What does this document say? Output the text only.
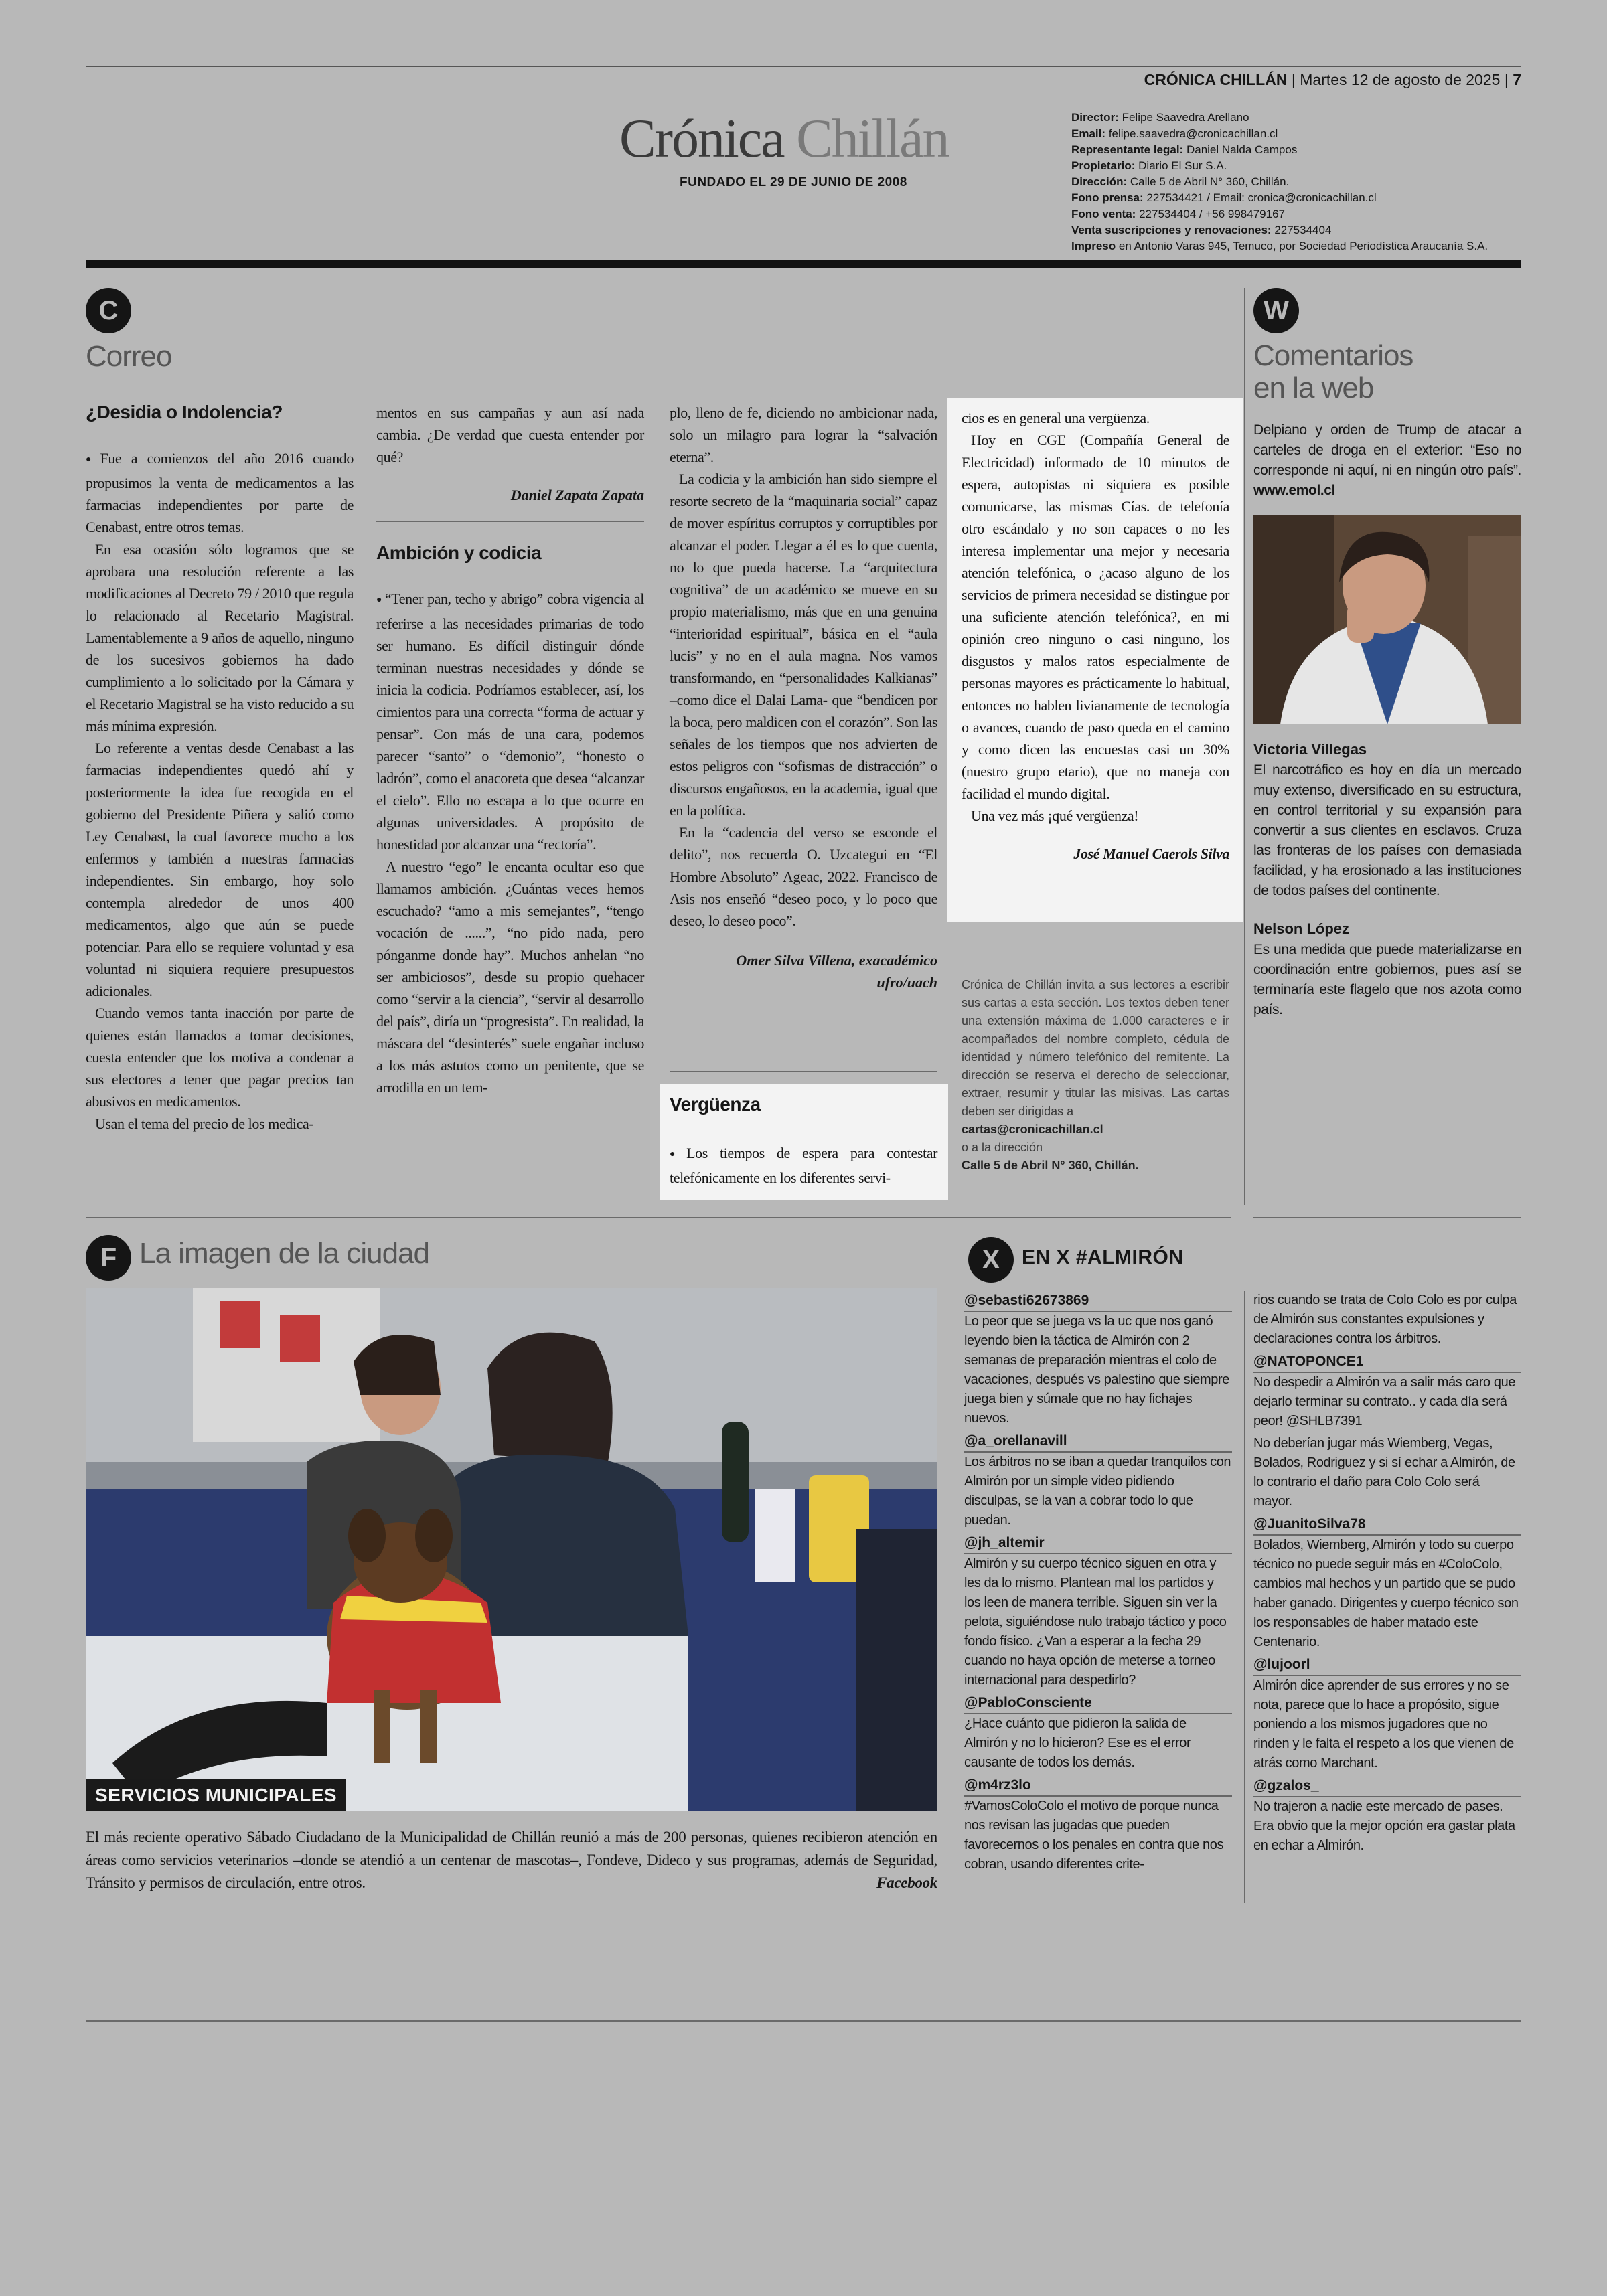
CRÓNICA CHILLÁN | Martes 12 de agosto de 2025 | 7
Crónica Chillán
FUNDADO EL 29 DE JUNIO DE 2008
Director: Felipe Saavedra Arellano
Email: felipe.saavedra@cronicachillan.cl
Representante legal: Daniel Nalda Campos
Propietario: Diario El Sur S.A.
Dirección: Calle 5 de Abril N° 360, Chillán.
Fono prensa: 227534421 / Email: cronica@cronicachillan.cl
Fono venta: 227534404 / +56 998479167
Venta suscripciones y renovaciones: 227534404
Impreso en Antonio Varas 945, Temuco, por Sociedad Periodística Araucanía S.A.
C
Correo
¿Desidia o Indolencia?

● Fue a comienzos del año 2016 cuando propusimos la venta de medicamentos a las farmacias independientes por parte de Cenabast, entre otros temas.

En esa ocasión sólo logramos que se aprobara una resolución referente a las modificaciones al Decreto 79 / 2010 que regula lo relacionado al Recetario Magistral. Lamentablemente a 9 años de aquello, ninguno de los sucesivos gobiernos ha dado cumplimiento a lo solicitado por la Cámara y el Recetario Magistral se ha visto reducido a su más mínima expresión.

Lo referente a ventas desde Cenabast a las farmacias independientes quedó ahí y posteriormente la idea fue recogida en el gobierno del Presidente Piñera y salió como Ley Cenabast, la cual favorece mucho a los enfermos y también a nuestras farmacias independientes. Sin embargo, hoy solo contempla alrededor de unos 400 medicamentos, algo que aún se puede potenciar. Para ello se requiere voluntad y esa voluntad ni siquiera requiere presupuestos adicionales.

Cuando vemos tanta inacción por parte de quienes están llamados a tomar decisiones, cuesta entender que los motiva a condenar a sus electores a tener que pagar precios tan abusivos en medicamentos.

Usan el tema del precio de los medica-

mentos en sus campañas y aun así nada cambia. ¿De verdad que cuesta entender por qué?

Daniel Zapata Zapata
Ambición y codicia

● “Tener pan, techo y abrigo” cobra vigencia al referirse a las necesidades primarias de todo ser humano. Es difícil distinguir dónde terminan nuestras necesidades y dónde se inicia la codicia. Podríamos establecer, así, los cimientos para una correcta “forma de actuar y pensar”. Con más de una cara, podemos parecer “santo” o “demonio”, “honesto o ladrón”, como el anacoreta que desea “alcanzar el cielo”. Ello no escapa a lo que ocurre en algunas universidades. A propósito de honestidad por alcanzar una “rectoría”.

A nuestro “ego” le encanta ocultar eso que llamamos ambición. ¿Cuántas veces hemos escuchado? “amo a mis semejantes”, “tengo vocación de ......”, “no pido nada, pero pónganme donde hay”. Muchos anhelan “no ser ambiciosos”, desde su propio quehacer como “servir a la ciencia”, “servir al desarrollo del país”, diría un “progresista”. En realidad, la máscara del “desinterés” suele engañar incluso a los más astutos como un penitente, que se arrodilla en un tem-

plo, lleno de fe, diciendo no ambicionar nada, solo un milagro para lograr la “salvación eterna”.

La codicia y la ambición han sido siempre el resorte secreto de la “maquinaria social” capaz de mover espíritus corruptos y corruptibles por alcanzar el poder. Llegar a él es lo que cuenta, no lo que pueda hacerse. La “arquitectura cognitiva” de un académico se mueve en su propio materialismo, más que en una genuina “interioridad espiritual”, básica en el “aula lucis” y no en el aula magna. Nos vamos transformando, en “personalidades Kalkianas” –como dice el Dalai Lama- que “bendicen por la boca, pero maldicen con el corazón”. Son las señales de los tiempos que nos advierten de estos peligros con “sofismas de distracción” o discursos engañosos, en la academia, igual que en la política.

En la “cadencia del verso se esconde el delito”, nos recuerda O. Uzcategui en “El Hombre Absoluto” Ageac, 2022. Francisco de Asis nos enseñó “deseo poco, y lo poco que deseo, lo deseo poco”.

Omer Silva Villena, exacadémico
ufro/uach
Vergüenza

● Los tiempos de espera para contestar telefónicamente en los diferentes servi-

cios es en general una vergüenza.

Hoy en CGE (Compañía General de Electricidad) informado de 10 minutos de espera, autopistas ni siquiera es posible comunicarse, las mismas Cías. de telefonía otro escándalo y no son capaces o no les interesa implementar una mejor y necesaria atención telefónica, o ¿acaso alguno de los servicios de primera necesidad se distingue por una suficiente atención telefónica?, en mi opinión creo ninguno o casi ninguno, los disgustos y malos ratos especialmente de personas mayores es prácticamente lo habitual, entonces no hablen livianamente de tecnología o avances, cuando de paso queda en el camino y como dicen las encuestas casi un 30% (nuestro grupo etario), que no maneja con facilidad el mundo digital.

Una vez más ¡qué vergüenza!

José Manuel Caerols Silva
Crónica de Chillán invita a sus lectores a escribir sus cartas a esta sección. Los textos deben tener una extensión máxima de 1.000 caracteres e ir acompañados del nombre completo, cédula de identidad y número telefónico del remitente. La dirección se reserva el derecho de seleccionar, extraer, resumir y titular las misivas. Las cartas deben ser dirigidas a
cartas@cronicachillan.cl
o a la dirección
Calle 5 de Abril N° 360, Chillán.
W
Comentarios
en la web
Delpiano y orden de Trump de atacar a carteles de droga en el exterior: “Eso no corresponde ni aquí, ni en ningún otro país”. www.emol.cl
Victoria Villegas
El narcotráfico es hoy en día un mercado muy extenso, diversificado en su estructura, en control territorial y su expansión para convertir a sus clientes en esclavos. Cruza las fronteras de los países con demasiada facilidad, y ha erosionado a las instituciones de todos países del continente.
Nelson López
Es una medida que puede materializarse en coordinación entre gobiernos, pues así se terminaría este flagelo que nos azota como país.
F La imagen de la ciudad
SERVICIOS MUNICIPALES
El más reciente operativo Sábado Ciudadano de la Municipalidad de Chillán reunió a más de 200 personas, quienes recibieron atención en áreas como servicios veterinarios –donde se atendió a un centenar de mascotas–, Fondeve, Dideco y sus programas, además de Seguridad, Tránsito y permisos de circulación, entre otros.	Facebook
X	EN X #ALMIRÓN
@sebasti62673869
Lo peor que se juega vs la uc que nos ganó leyendo bien la táctica de Almirón con 2 semanas de preparación mientras el colo de vacaciones, después vs palestino que siempre juega bien y súmale que no hay fichajes nuevos.
@a_orellanavill
Los árbitros no se iban a quedar tranquilos con Almirón por un simple video pidiendo disculpas, se la van a cobrar todo lo que puedan.
@jh_altemir
Almirón y su cuerpo técnico siguen en otra y les da lo mismo. Plantean mal los partidos y los leen de manera terrible. Siguen sin ver la pelota, siguiéndose nulo trabajo táctico y poco fondo físico. ¿Van a esperar a la fecha 29 cuando no haya opción de meterse a torneo internacional para despedirlo?
@PabloConsciente
¿Hace cuánto que pidieron la salida de Almirón y no lo hicieron? Ese es el error causante de todos los demás.
@m4rz3lo
#VamosColoColo el motivo de porque nunca nos revisan las jugadas que pueden favorecernos o los penales en contra que nos cobran, usando diferentes crite-
rios cuando se trata de Colo Colo es por culpa de Almirón sus constantes expulsiones y declaraciones contra los árbitros.
@NATOPONCE1
No despedir a Almirón va a salir más caro que dejarlo terminar su contrato.. y cada día será peor! @SHLB7391
No deberían jugar más Wiemberg, Vegas, Bolados, Rodriguez y si sí echar a Almirón, de lo contrario el daño para Colo Colo será mayor.
@JuanitoSilva78
Bolados, Wiemberg, Almirón y todo su cuerpo técnico no puede seguir más en #ColoColo, cambios mal hechos y un partido que se pudo haber ganado. Dirigentes y cuerpo técnico son los responsables de haber matado este Centenario.
@lujoorl
Almirón dice aprender de sus errores y no se nota, parece que lo hace a propósito, sigue poniendo a los mismos jugadores que no rinden y le falta el respeto a los que vienen de atrás como Marchant.
@gzalos_
No trajeron a nadie este mercado de pases. Era obvio que la mejor opción era gastar plata en echar a Almirón.
